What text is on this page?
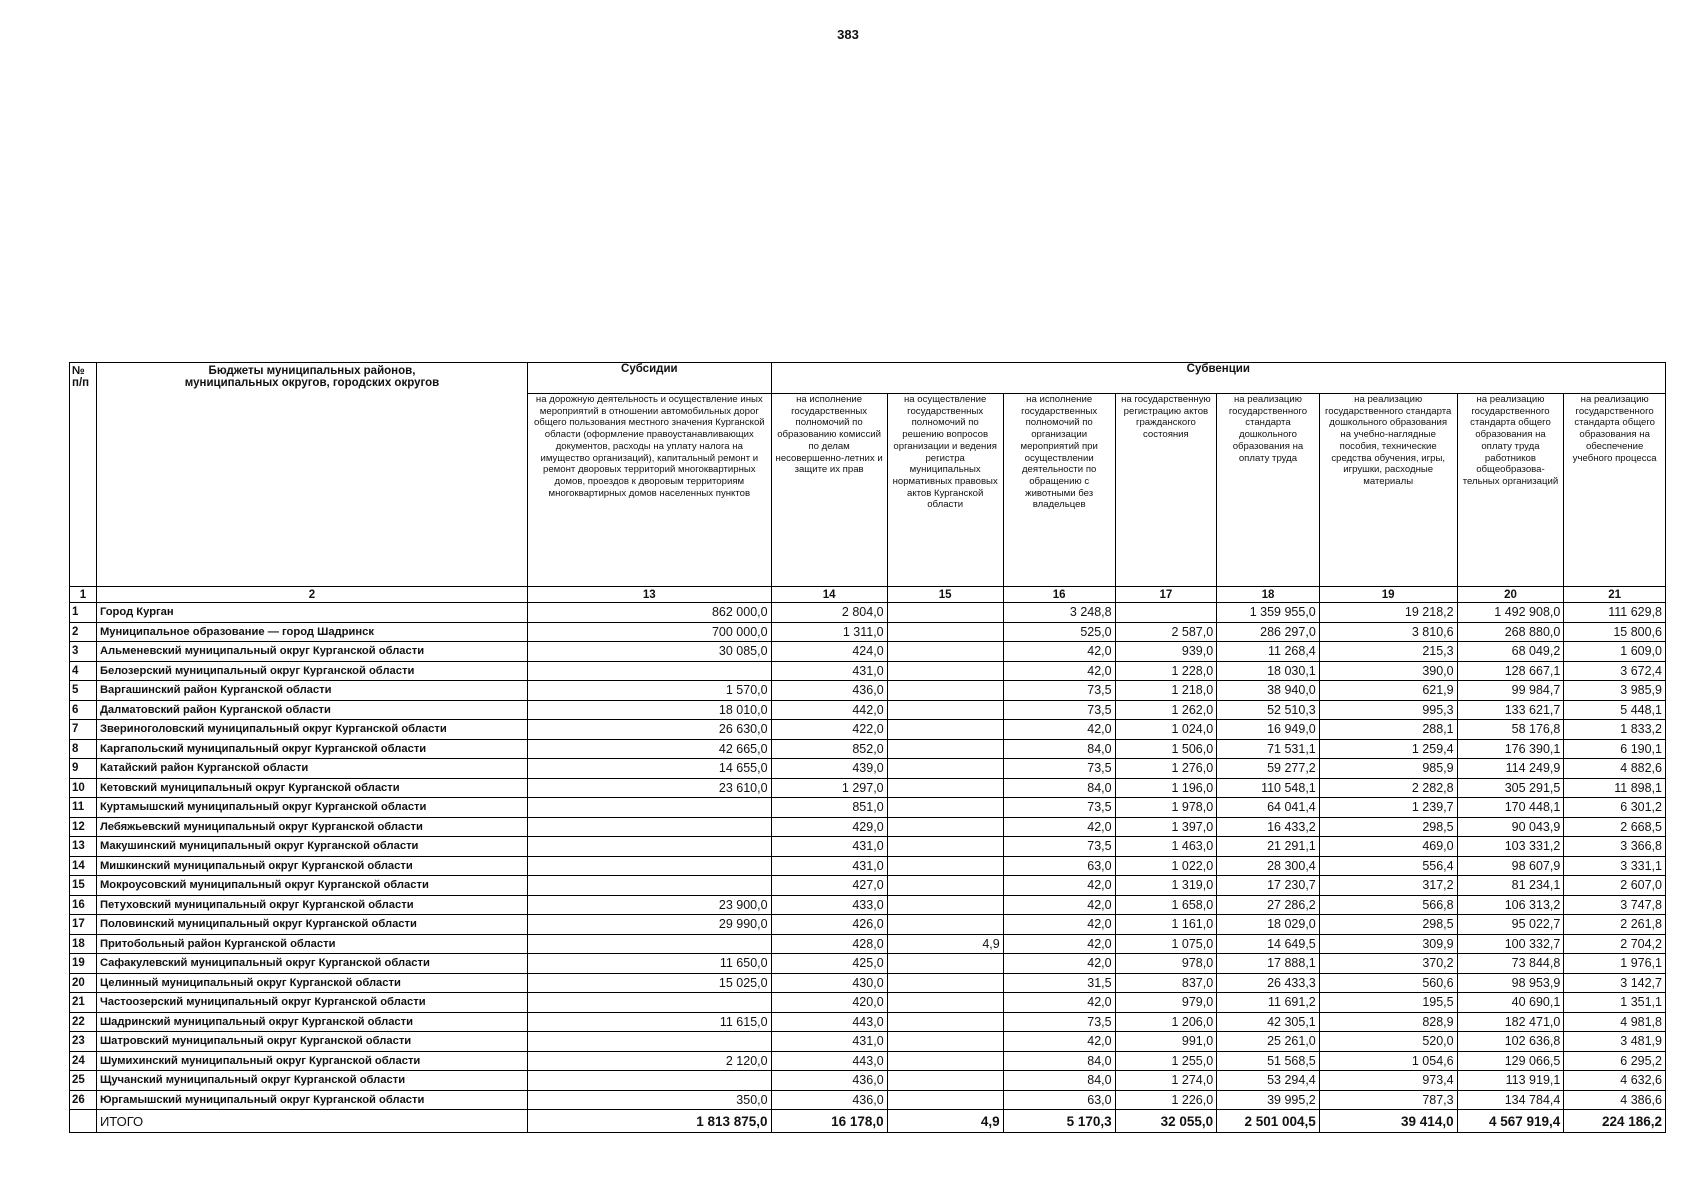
383
№
п/п	Бюджеты муниципальных районов,
муниципальных округов, городских округов	Субсидии	Субвенции							
		на дорожную деятельность и осуществление иных мероприятий в отношении автомобильных дорог общего пользования местного значения Курганской области (оформление правоустанавливающих документов, расходы на уплату налога на имущество организаций), капитальный ремонт и ремонт дворовых территорий многоквартирных домов, проездов к дворовым территориям многоквартирных домов населенных пунктов	на исполнение государственных полномочий по образованию комиссий по делам несовершенно-летних и защите их прав	на осуществление государственных полномочий по решению вопросов организации и ведения регистра муниципальных нормативных правовых актов Курганской области	на исполнение государственных полномочий по организации мероприятий при осуществлении деятельности по обращению с животными без владельцев	на государственную регистрацию актов гражданского состояния	на реализацию государственного стандарта дошкольного образования на оплату труда	на реализацию государственного стандарта дошкольного образования на учебно-наглядные пособия, технические средства обучения, игры, игрушки, расходные материалы	на реализацию государственного стандарта общего образования на оплату труда работников общеобразова-тельных организаций	на реализацию государственного стандарта общего образования на обеспечение учебного процесса
1	2	13	14	15	16	17	18	19	20	21
1	Город Курган	862 000,0	2 804,0		3 248,8		1 359 955,0	19 218,2	1 492 908,0	111 629,8
2	Муниципальное образование — город Шадринск	700 000,0	1 311,0		525,0	2 587,0	286 297,0	3 810,6	268 880,0	15 800,6
3	Альменевский муниципальный округ Курганской области	30 085,0	424,0		42,0	939,0	11 268,4	215,3	68 049,2	1 609,0
4	Белозерский муниципальный округ Курганской области		431,0		42,0	1 228,0	18 030,1	390,0	128 667,1	3 672,4
5	Варгашинский район Курганской области	1 570,0	436,0		73,5	1 218,0	38 940,0	621,9	99 984,7	3 985,9
6	Далматовский район Курганской области	18 010,0	442,0		73,5	1 262,0	52 510,3	995,3	133 621,7	5 448,1
7	Звериноголовский муниципальный округ Курганской области	26 630,0	422,0		42,0	1 024,0	16 949,0	288,1	58 176,8	1 833,2
8	Каргапольский муниципальный округ Курганской области	42 665,0	852,0		84,0	1 506,0	71 531,1	1 259,4	176 390,1	6 190,1
9	Катайский район Курганской области	14 655,0	439,0		73,5	1 276,0	59 277,2	985,9	114 249,9	4 882,6
10	Кетовский муниципальный округ Курганской области	23 610,0	1 297,0		84,0	1 196,0	110 548,1	2 282,8	305 291,5	11 898,1
11	Куртамышский муниципальный округ Курганской области		851,0		73,5	1 978,0	64 041,4	1 239,7	170 448,1	6 301,2
12	Лебяжьевский муниципальный округ Курганской области		429,0		42,0	1 397,0	16 433,2	298,5	90 043,9	2 668,5
13	Макушинский муниципальный округ Курганской области		431,0		73,5	1 463,0	21 291,1	469,0	103 331,2	3 366,8
14	Мишкинский муниципальный округ Курганской области		431,0		63,0	1 022,0	28 300,4	556,4	98 607,9	3 331,1
15	Мокроусовский муниципальный округ Курганской области		427,0		42,0	1 319,0	17 230,7	317,2	81 234,1	2 607,0
16	Петуховский муниципальный округ Курганской области	23 900,0	433,0		42,0	1 658,0	27 286,2	566,8	106 313,2	3 747,8
17	Половинский муниципальный округ Курганской области	29 990,0	426,0		42,0	1 161,0	18 029,0	298,5	95 022,7	2 261,8
18	Притобольный район Курганской области		428,0	4,9	42,0	1 075,0	14 649,5	309,9	100 332,7	2 704,2
19	Сафакулевский муниципальный округ Курганской области	11 650,0	425,0		42,0	978,0	17 888,1	370,2	73 844,8	1 976,1
20	Целинный муниципальный округ Курганской области	15 025,0	430,0		31,5	837,0	26 433,3	560,6	98 953,9	3 142,7
21	Частоозерский муниципальный округ Курганской области		420,0		42,0	979,0	11 691,2	195,5	40 690,1	1 351,1
22	Шадринский муниципальный округ Курганской области	11 615,0	443,0		73,5	1 206,0	42 305,1	828,9	182 471,0	4 981,8
23	Шатровский муниципальный округ Курганской области		431,0		42,0	991,0	25 261,0	520,0	102 636,8	3 481,9
24	Шумихинский муниципальный округ Курганской области	2 120,0	443,0		84,0	1 255,0	51 568,5	1 054,6	129 066,5	6 295,2
25	Щучанский муниципальный округ Курганской области		436,0		84,0	1 274,0	53 294,4	973,4	113 919,1	4 632,6
26	Юргамышский муниципальный округ Курганской области	350,0	436,0		63,0	1 226,0	39 995,2	787,3	134 784,4	4 386,6
	ИТОГО	1 813 875,0	16 178,0	4,9	5 170,3	32 055,0	2 501 004,5	39 414,0	4 567 919,4	224 186,2
